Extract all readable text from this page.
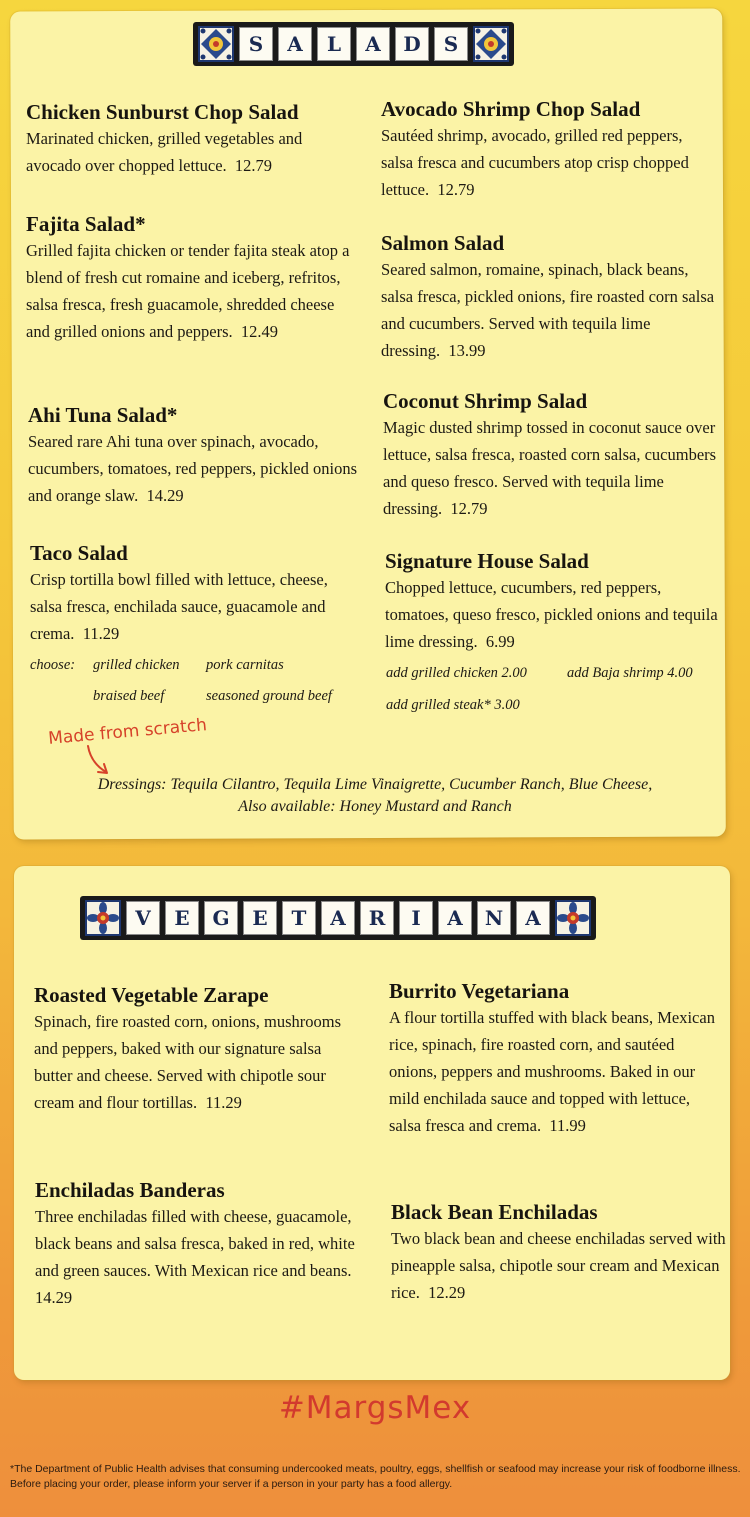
S	A	L	A	D	S
Chicken Sunburst Chop Salad

Marinated chicken, grilled vegetables and avocado over chopped lettuce. 12.79

Fajita Salad*

Grilled fajita chicken or tender fajita steak atop a blend of fresh cut romaine and iceberg, refritos, salsa fresca, fresh guacamole, shredded cheese and grilled onions and peppers. 12.49

Ahi Tuna Salad*

Seared rare Ahi tuna over spinach, avocado, cucumbers, tomatoes, red peppers, pickled onions and orange slaw. 14.29

Taco Salad

Crisp tortilla bowl filled with lettuce, cheese, salsa fresca, enchilada sauce, guacamole and crema. 11.29

choose: grilled chicken pork carnitas
braised beef	seasoned ground beef
Avocado Shrimp Chop Salad

Sautéed shrimp, avocado, grilled red peppers, salsa fresca and cucumbers atop crisp chopped lettuce. 12.79

Salmon Salad

Seared salmon, romaine, spinach, black beans, salsa fresca, pickled onions, fire roasted corn salsa and cucumbers. Served with tequila lime dressing. 13.99

Coconut Shrimp Salad

Magic dusted shrimp tossed in coconut sauce over lettuce, salsa fresca, roasted corn salsa, cucumbers and queso fresco. Served with tequila lime dressing. 12.79

Signature House Salad

Chopped lettuce, cucumbers, red peppers, tomatoes, queso fresco, pickled onions and tequila lime dressing. 6.99

add grilled chicken 2.00	add Baja shrimp 4.00
add grilled steak* 3.00
Made from scratch
Dressings: Tequila Cilantro, Tequila Lime Vinaigrette, Cucumber Ranch, Blue Cheese,
Also available: Honey Mustard and Ranch
V	E	G	E	T	A	R	I	A	N	A
Roasted Vegetable Zarape

Spinach, fire roasted corn, onions, mushrooms and peppers, baked with our signature salsa butter and cheese. Served with chipotle sour cream and flour tortillas. 11.29

Enchiladas Banderas

Three enchiladas filled with cheese, guacamole, black beans and salsa fresca, baked in red, white and green sauces. With Mexican rice and beans.  14.29

Burrito Vegetariana

A flour tortilla stuffed with black beans, Mexican rice, spinach, fire roasted corn, and sautéed onions, peppers and mushrooms. Baked in our mild enchilada sauce and topped with lettuce, salsa fresca and crema. 11.99

Black Bean Enchiladas

Two black bean and cheese enchiladas served with pineapple salsa, chipotle sour cream and Mexican rice. 12.29

#MargsMex
*The Department of Public Health advises that consuming undercooked meats, poultry, eggs, shellfish or seafood may increase your risk of foodborne illness.
Before placing your order, please inform your server if a person in your party has a food allergy.
